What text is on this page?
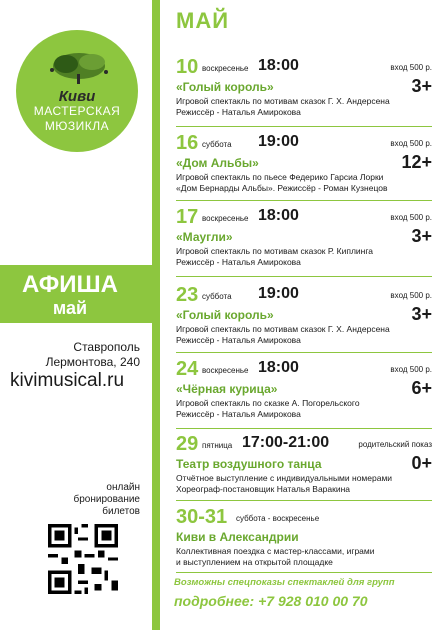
Киви
МАСТЕРСКАЯ
МЮЗИКЛА
АФИША
май
Ставрополь
Лермонтова, 240
kivimusical.ru
онлайн
бронирование
билетов
МАЙ
10 воскресенье 18:00	вход 500 р.
3+
«Голый король»
Игровой спектакль по мотивам сказок Г. Х. Андерсена
Режиссёр - Наталья Амирокова
16 суббота 19:00	вход 500 р.
12+
«Дом Альбы»
Игровой спектакль по пьесе Федерико Гарсиа Лорки
«Дом Бернарды Альбы». Режиссёр - Роман Кузнецов
17 воскресенье 18:00	вход 500 р.
3+
«Маугли»
Игровой спектакль по мотивам сказок Р. Киплинга
Режиссёр - Наталья Амирокова
23 суббота 19:00	вход 500 р.
3+
«Голый король»
Игровой спектакль по мотивам сказок Г. Х. Андерсена
Режиссёр - Наталья Амирокова
24 воскресенье 18:00	вход 500 р.
6+
«Чёрная курица»
Игровой спектакль по сказке А. Погорельского
Режиссёр - Наталья Амирокова
29 пятница 17:00-21:00	родительский показ
0+
Театр воздушного танца
Отчётное выступление с индивидуальными номерами
Хореограф-постановщик Наталья Варакина
30-31 суббота - воскресенье
Киви в Александрии
Коллективная поездка с мастер-классами, играми
и выступлением на открытой площадке
Возможны спецпоказы спектаклей для групп
подробнее: +7 928 010 00 70
